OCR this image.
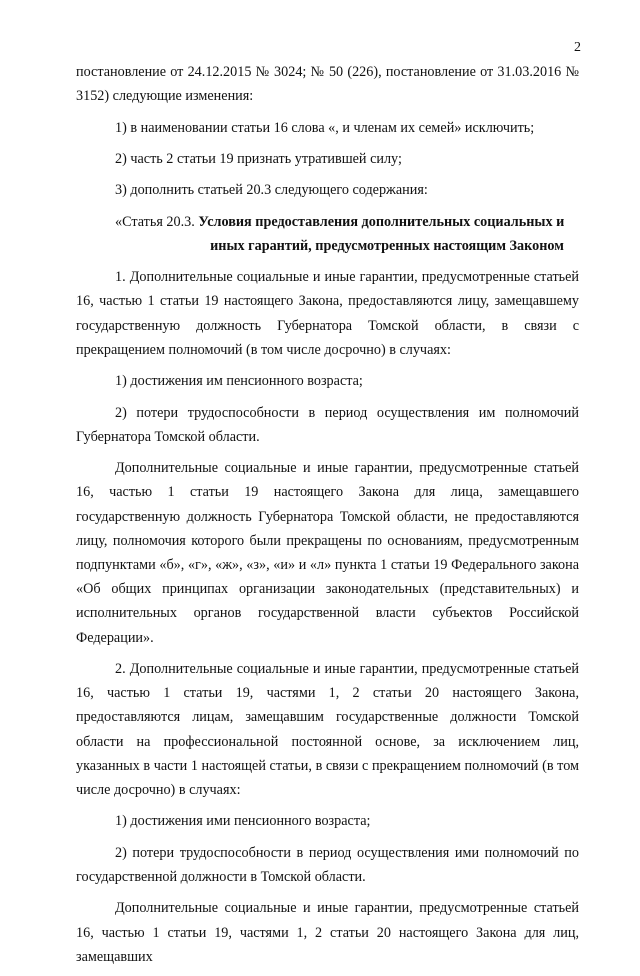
2

постановление от 24.12.2015 № 3024; № 50 (226), постановление от 31.03.2016 № 3152) следующие изменения:

1) в наименовании статьи 16 слова «, и членам их семей» исключить;

2) часть 2 статьи 19 признать утратившей силу;

3) дополнить статьей 20.3 следующего содержания:

«Статья 20.3. Условия предоставления дополнительных социальных и
иных гарантий, предусмотренных настоящим Законом

1. Дополнительные социальные и иные гарантии, предусмотренные статьей 16, частью 1 статьи 19 настоящего Закона, предоставляются лицу, замещавшему государственную должность Губернатора Томской области, в связи с прекращением полномочий (в том числе досрочно) в случаях:

1) достижения им пенсионного возраста;

2) потери трудоспособности в период осуществления им полномочий Губернатора Томской области.

Дополнительные социальные и иные гарантии, предусмотренные статьей 16, частью 1 статьи 19 настоящего Закона для лица, замещавшего государственную должность Губернатора Томской области, не предоставляются лицу, полномочия которого были прекращены по основаниям, предусмотренным подпунктами «б», «г», «ж», «з», «и» и «л» пункта 1 статьи 19 Федерального закона «Об общих принципах организации законодательных (представительных) и исполнительных органов государственной власти субъектов Российской Федерации».

2. Дополнительные социальные и иные гарантии, предусмотренные статьей 16, частью 1 статьи 19, частями 1, 2 статьи 20 настоящего Закона, предоставляются лицам, замещавшим государственные должности Томской области на профессиональной постоянной основе, за исключением лиц, указанных в части 1 настоящей статьи, в связи с прекращением полномочий (в том числе досрочно) в случаях:

1) достижения ими пенсионного возраста;

2) потери трудоспособности в период осуществления ими полномочий по государственной должности в Томской области.

Дополнительные социальные и иные гарантии, предусмотренные статьей 16, частью 1 статьи 19, частями 1, 2 статьи 20 настоящего Закона для лиц, замещавших
